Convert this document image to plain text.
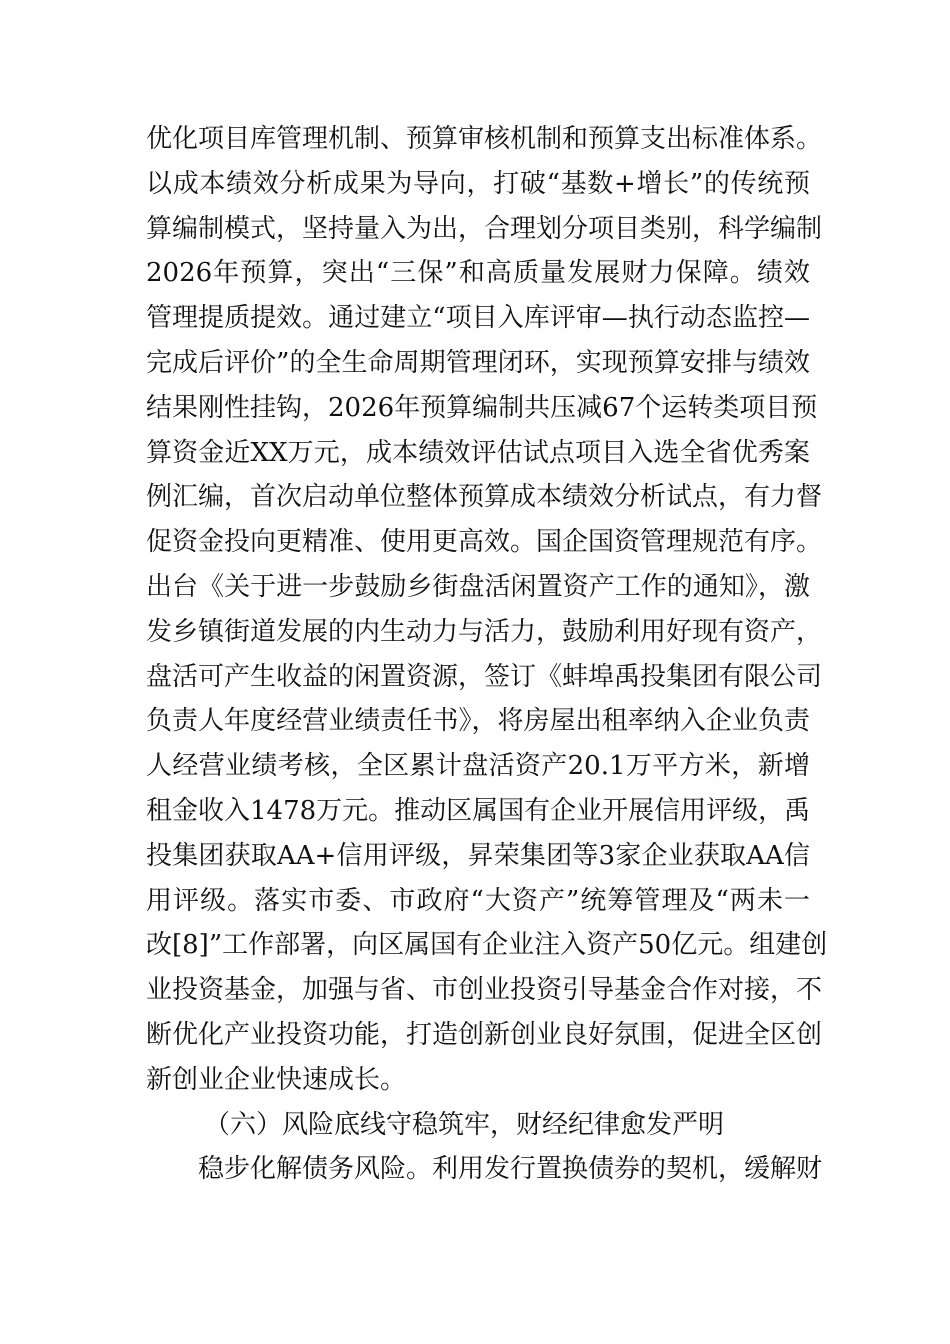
优化项目库管理机制、预算审核机制和预算支出标准体系。
以成本绩效分析成果为导向，打破“基数+增长”的传统预
算编制模式，坚持量入为出，合理划分项目类别，科学编制
2026年预算，突出“三保”和高质量发展财力保障。绩效
管理提质提效。通过建立“项目入库评审—执行动态监控—
完成后评价”的全生命周期管理闭环，实现预算安排与绩效
结果刚性挂钩，2026年预算编制共压减67个运转类项目预
算资金近XX万元，成本绩效评估试点项目入选全省优秀案
例汇编，首次启动单位整体预算成本绩效分析试点，有力督
促资金投向更精准、使用更高效。国企国资管理规范有序。
出台《关于进一步鼓励乡街盘活闲置资产工作的通知》，激
发乡镇街道发展的内生动力与活力，鼓励利用好现有资产，
盘活可产生收益的闲置资源，签订《蚌埠禹投集团有限公司
负责人年度经营业绩责任书》，将房屋出租率纳入企业负责
人经营业绩考核，全区累计盘活资产20.1万平方米，新增
租金收入1478万元。推动区属国有企业开展信用评级，禹
投集团获取AA+信用评级，昇荣集团等3家企业获取AA信
用评级。落实市委、市政府“大资产”统筹管理及“两未一
改[8]”工作部署，向区属国有企业注入资产50亿元。组建创
业投资基金，加强与省、市创业投资引导基金合作对接，不
断优化产业投资功能，打造创新创业良好氛围，促进全区创
新创业企业快速成长。
（六）风险底线守稳筑牢，财经纪律愈发严明
稳步化解债务风险。利用发行置换债券的契机，缓解财
